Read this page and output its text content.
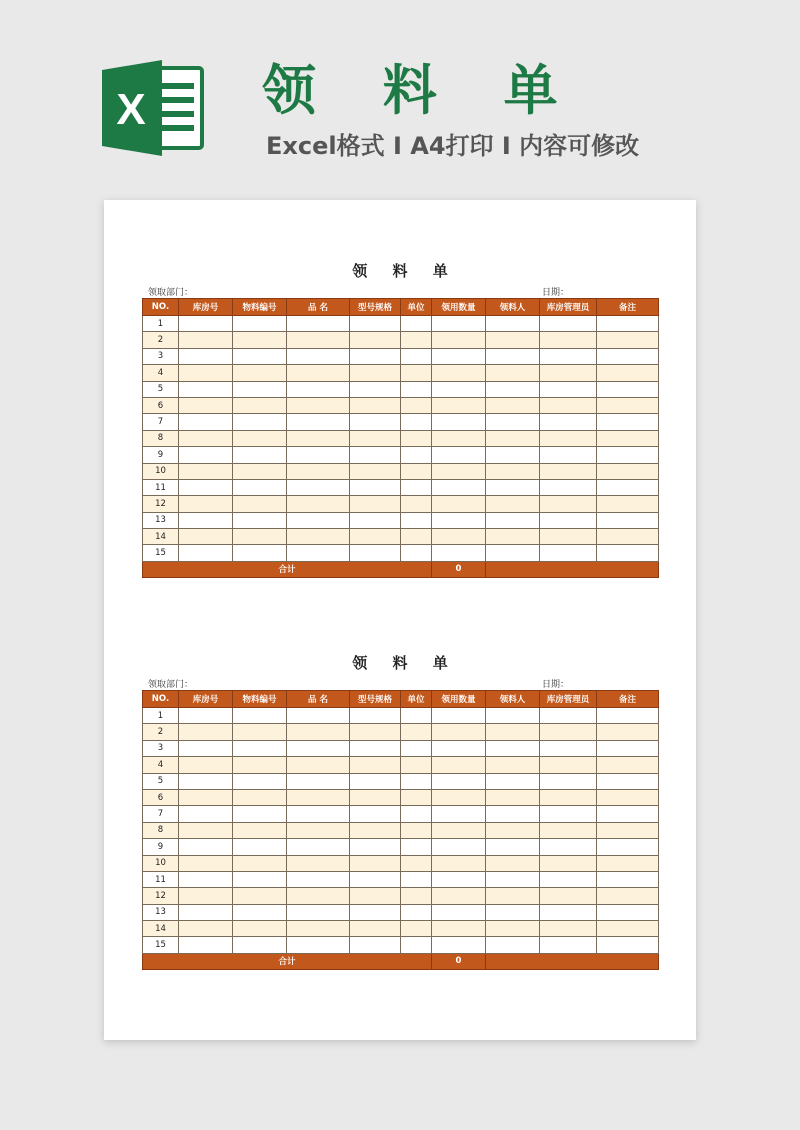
X 领 料 单

Excel格式 I A4打印 I 内容可修改

领 料 单
领取部门：	日期：
NO.	库房号	物料编号	品 名	型号规格	单位	领用数量	领料人	库房管理员	备注
1									
2									
3									
4									
5									
6									
7									
8									
9									
10									
11									
12									
13									
14									
15									
合计						0			
领 料 单
领取部门：	日期：
NO.	库房号	物料编号	品 名	型号规格	单位	领用数量	领料人	库房管理员	备注
1									
2									
3									
4									
5									
6									
7									
8									
9									
10									
11									
12									
13									
14									
15									
合计						0			
